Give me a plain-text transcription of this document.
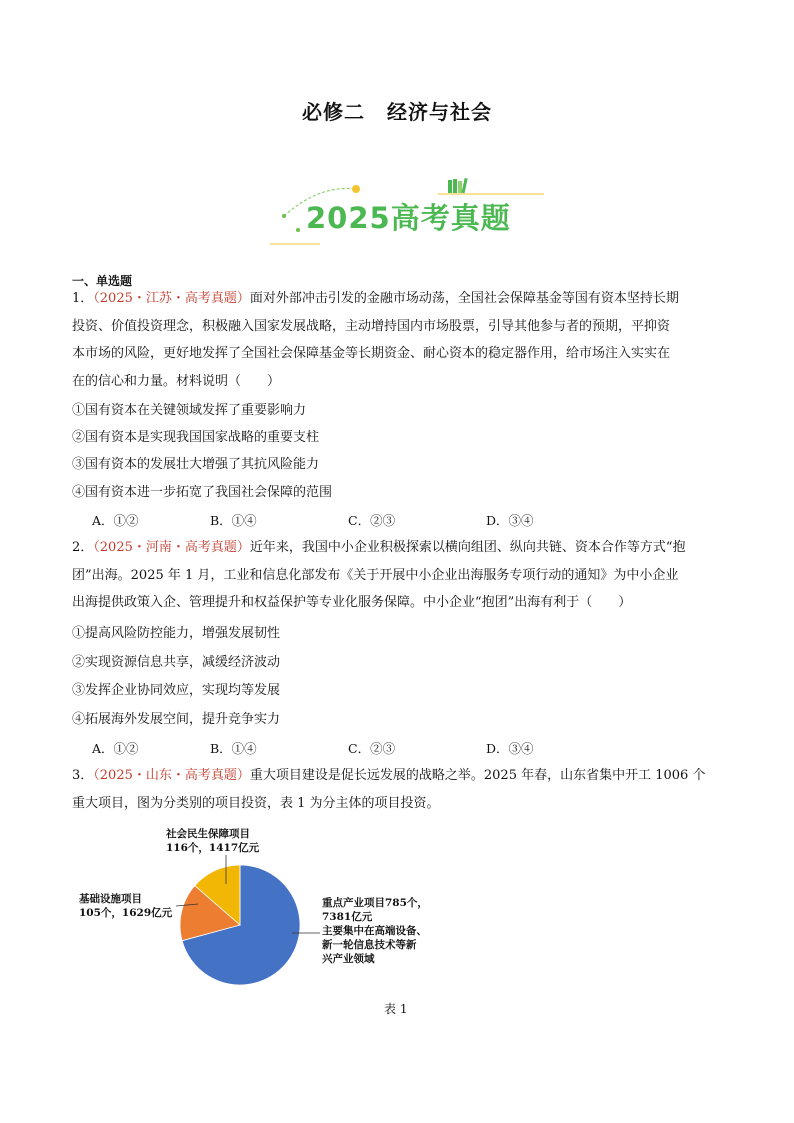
必修二 经济与社会
2025高考真题
一、单选题
1．（2025・江苏・高考真题）面对外部冲击引发的金融市场动荡，全国社会保障基金等国有资本坚持长期
投资、价值投资理念，积极融入国家发展战略，主动增持国内市场股票，引导其他参与者的预期，平抑资
本市场的风险，更好地发挥了全国社会保障基金等长期资金、耐心资本的稳定器作用，给市场注入实实在
在的信心和力量。材料说明（　　）
①国有资本在关键领域发挥了重要影响力
②国有资本是实现我国国家战略的重要支柱
③国有资本的发展壮大增强了其抗风险能力
④国有资本进一步拓宽了我国社会保障的范围
A．①②	B．①④	C．②③	D．③④
2．（2025・河南・高考真题）近年来，我国中小企业积极探索以横向组团、纵向共链、资本合作等方式“抱
团”出海。2025 年 1 月，工业和信息化部发布《关于开展中小企业出海服务专项行动的通知》为中小企业
出海提供政策入企、管理提升和权益保护等专业化服务保障。中小企业“抱团”出海有利于（　　）
①提高风险防控能力，增强发展韧性
②实现资源信息共享，减缓经济波动
③发挥企业协同效应，实现均等发展
④拓展海外发展空间，提升竞争实力
A．①②	B．①④	C．②③	D．③④
3．（2025・山东・高考真题）重大项目建设是促长远发展的战略之举。2025 年春，山东省集中开工 1006 个
重大项目，图为分类别的项目投资，表 1 为分主体的项目投资。
社会民生保障项目
116个，1417亿元
基础设施项目
105个，1629亿元
重点产业项目785个，
7381亿元
主要集中在高端设备、
新一轮信息技术等新
兴产业领域
表 1
